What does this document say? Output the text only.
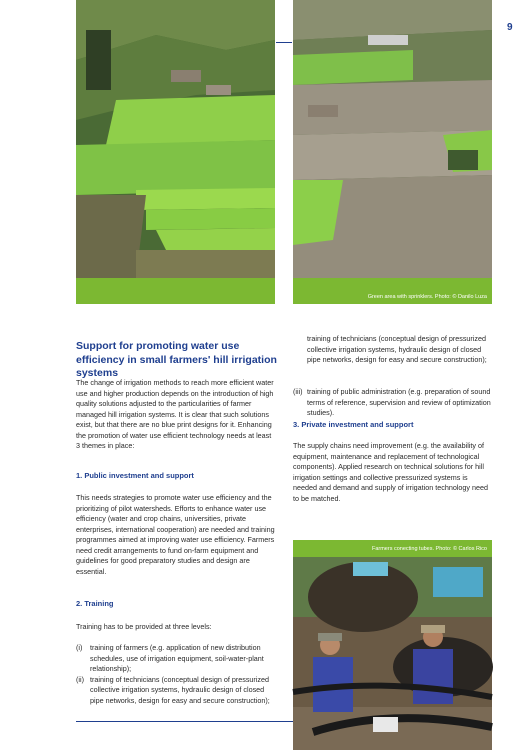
9
Green area with sprinklers. Photo: © Danilo Luza
Farmers conecting tubes. Photo: © Carlos Rico
Support for promoting water use efficiency in small farmers' hill irrigation systems
The change of irrigation methods to reach more efficient water use and higher production depends on the introduction of high quality solutions adjusted to the particularities of farmer managed hill irrigation systems. It is clear that such solutions exist, but that there are no blue print designs for it. Enhancing the promotion of water use efficient technology needs at least 3 themes in place:
1. Public investment and support
This needs strategies to promote water use efficiency and the prioritizing of pilot watersheds. Efforts to enhance water use efficiency (water and crop chains, universities, private enterprises, international cooperation) are needed and training programmes aimed at improving water use efficiency. Farmers need credit arrangements to fund on-farm equipment and guidelines for good preparatory studies and design are essential.
2. Training
Training has to be provided at three levels:
(i)	training of farmers (e.g. application of new distribution schedules, use of irrigation equipment, soil-water-plant relationship);
(ii) training of technicians (conceptual design of pressurized collective irrigation systems, hydraulic design of closed pipe networks, design for easy and secure construction);
training of technicians (conceptual design of pressurized collective irrigation systems, hydraulic design of closed pipe networks, design for easy and secure construction);
(iii) training of public administration (e.g. preparation of sound terms of reference, supervision and review of optimization studies).
3. Private investment and support
The supply chains need improvement (e.g. the availability of equipment, maintenance and replacement of technological components). Applied research on technical solutions for hill irrigation settings and collective pressurized systems is needed and demand and supply of irrigation technology need to be matched.
